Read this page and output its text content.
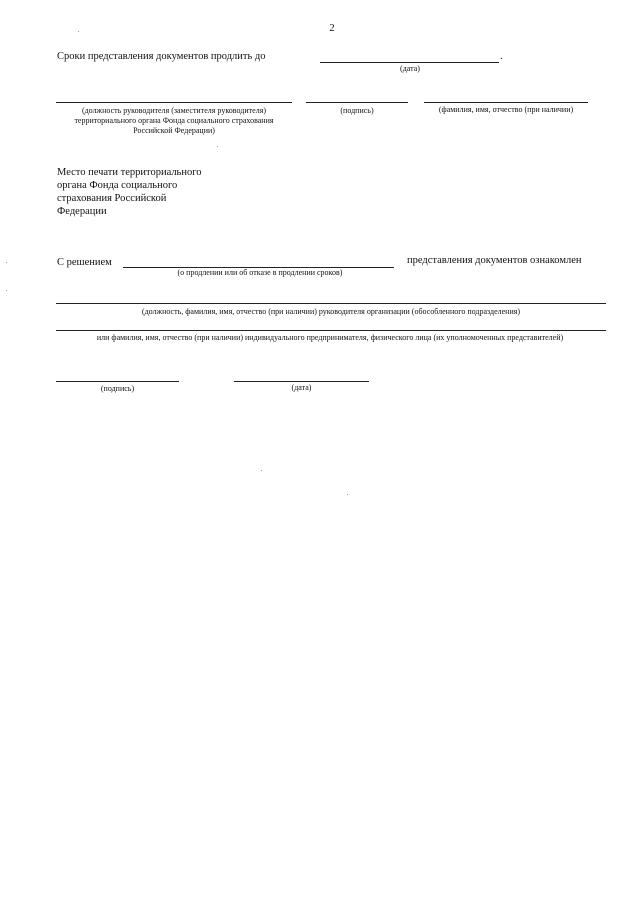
2
Сроки представления документов продлить до	.
(дата)
(должность руководителя (заместителя руководителя) территориального органа Фонда социального страхования Российской Федерации)
(подпись)	(фамилия, имя, отчество (при наличии)
Место печати территориального органа Фонда социального страхования Российской Федерации
С решением	представления документов ознакомлен
(о продлении или об отказе в продлении сроков)
(должность, фамилия, имя, отчество (при наличии) руководителя организации (обособленного подразделения)
или фамилия, имя, отчество (при наличии) индивидуального предпринимателя, физического лица (их уполномоченных представителей)
(подпись)	(дата)
